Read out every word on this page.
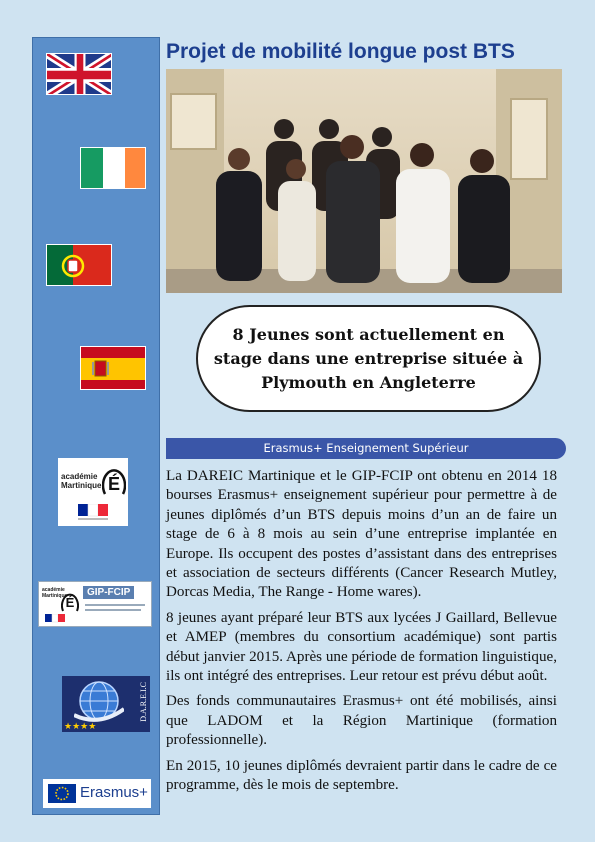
académie
Martinique É
académie Martinique
É
GIP-FCIP
★★★★
D.A.R.E.I.C
Erasmus+
Projet de mobilité longue post BTS
8 Jeunes sont actuellement en stage dans une entreprise située à Plymouth en Angleterre
Erasmus+ Enseignement Supérieur

La DAREIC Martinique et le GIP-FCIP ont obtenu en 2014 18 bourses Erasmus+ enseignement supérieur pour permettre à de jeunes diplômés d’un BTS depuis moins d’un an de faire un stage de 6 à 8 mois au sein d’une entreprise implantée en Europe. Ils occupent des postes d’assistant dans des entreprises et association de secteurs différents (Cancer Research Mutley, Dorcas Media, The Range - Home wares).

8 jeunes ayant préparé leur BTS aux lycées J Gaillard, Bellevue et AMEP (membres du consortium académique) sont partis début janvier 2015. Après une période de formation linguistique, ils ont intégré des entreprises. Leur retour est prévu début août.

Des fonds communautaires Erasmus+ ont été mobilisés, ainsi que LADOM et la Région Martinique (formation professionnelle).

En 2015, 10 jeunes diplômés devraient partir dans le cadre de ce programme, dès le mois de septembre.
